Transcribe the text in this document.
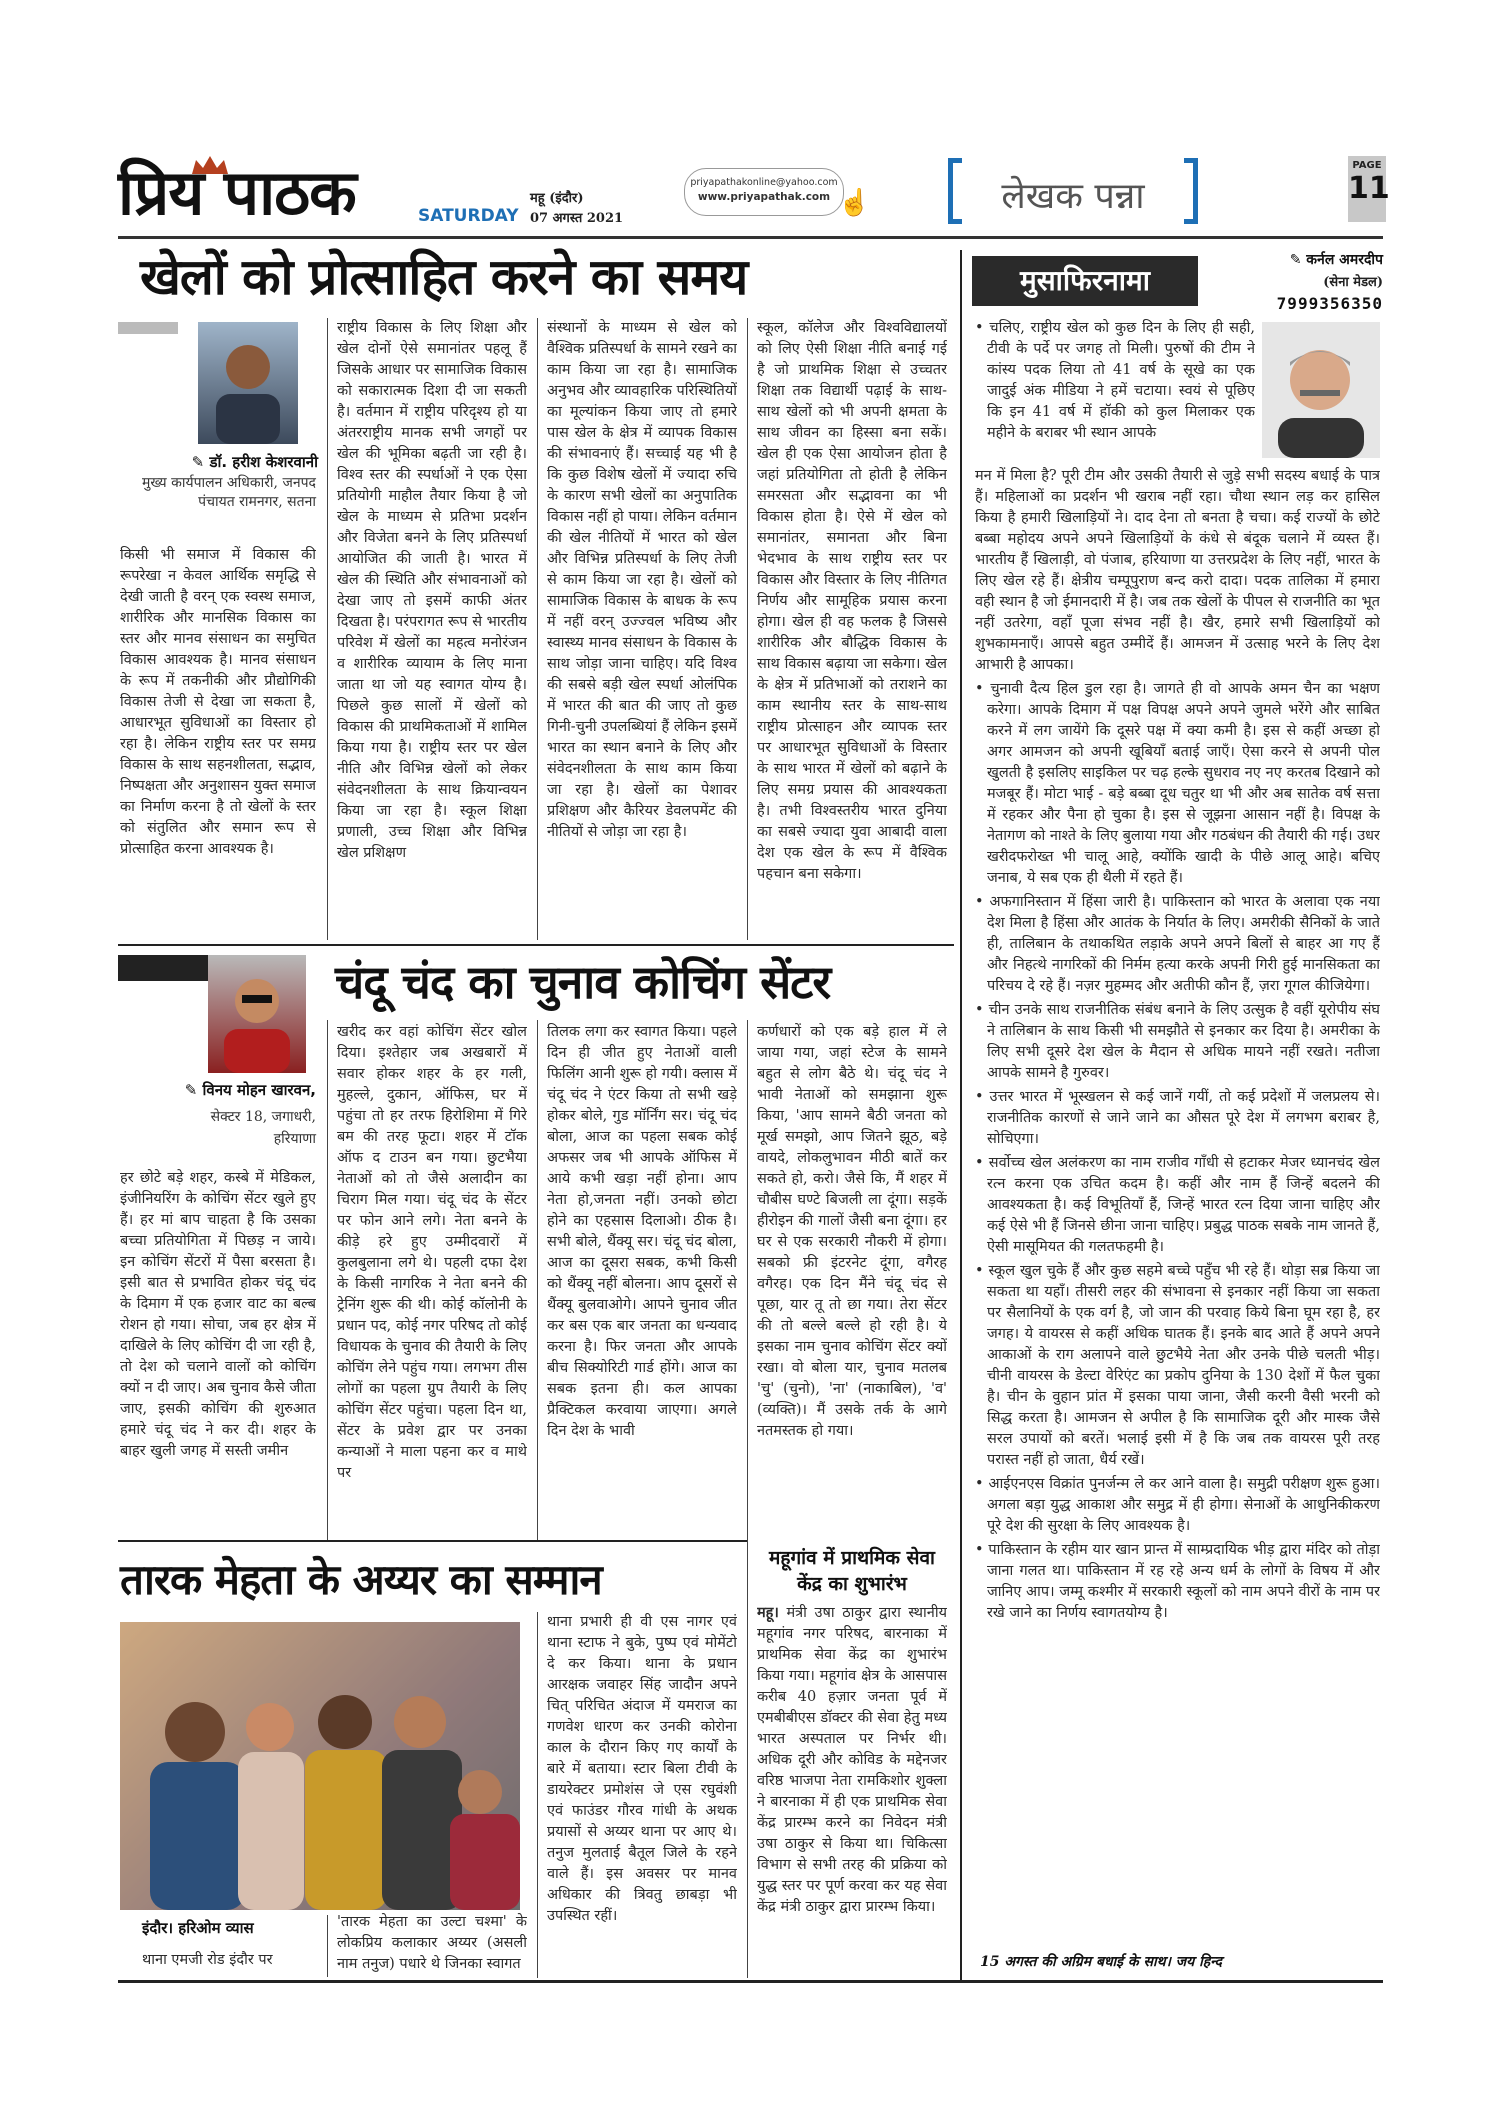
प्रिय पाठक	SATURDAY
महू (इंदौर)
07 अगस्त 2021
priyapathakonline@yahoo.com
www.priyapathak.com ☝	लेखक पन्ना
PAGE
11
खेलों को प्रोत्साहित करने का समय
✎ डॉ. हरीश केशरवानी
मुख्य कार्यपालन अधिकारी, जनपद पंचायत रामनगर, सतना

किसी भी समाज में विकास की रूपरेखा न केवल आर्थिक समृद्धि से देखी जाती है वरन् एक स्वस्थ समाज, शारीरिक और मानसिक विकास का स्तर और मानव संसाधन का समुचित विकास आवश्यक है। मानव संसाधन के रूप में तकनीकी और प्रौद्योगिकी विकास तेजी से देखा जा सकता है, आधारभूत सुविधाओं का विस्तार हो रहा है। लेकिन राष्ट्रीय स्तर पर समग्र विकास के साथ सहनशीलता, सद्भाव, निष्पक्षता और अनुशासन युक्त समाज का निर्माण करना है तो खेलों के स्तर को संतुलित और समान रूप से प्रोत्साहित करना आवश्यक है।

राष्ट्रीय विकास के लिए शिक्षा और खेल दोनों ऐसे समानांतर पहलू हैं जिसके आधार पर सामाजिक विकास को सकारात्मक दिशा दी जा सकती है। वर्तमान में राष्ट्रीय परिदृश्य हो या अंतरराष्ट्रीय मानक सभी जगहों पर खेल की भूमिका बढ़ती जा रही है। विश्व स्तर की स्पर्धाओं ने एक ऐसा प्रतियोगी माहौल तैयार किया है जो खेल के माध्यम से प्रतिभा प्रदर्शन और विजेता बनने के लिए प्रतिस्पर्धा आयोजित की जाती है। भारत में खेल की स्थिति और संभावनाओं को देखा जाए तो इसमें काफी अंतर दिखता है। परंपरागत रूप से भारतीय परिवेश में खेलों का महत्व मनोरंजन व शारीरिक व्यायाम के लिए माना जाता था जो यह स्वागत योग्य है। पिछले कुछ सालों में खेलों को विकास की प्राथमिकताओं में शामिल किया गया है। राष्ट्रीय स्तर पर खेल नीति और विभिन्न खेलों को लेकर संवेदनशीलता के साथ क्रियान्वयन किया जा रहा है। स्कूल शिक्षा प्रणाली, उच्च शिक्षा और विभिन्न खेल प्रशिक्षण

संस्थानों के माध्यम से खेल को वैश्विक प्रतिस्पर्धा के सामने रखने का काम किया जा रहा है। सामाजिक अनुभव और व्यावहारिक परिस्थितियों का मूल्यांकन किया जाए तो हमारे पास खेल के क्षेत्र में व्यापक विकास की संभावनाएं हैं। सच्चाई यह भी है कि कुछ विशेष खेलों में ज्यादा रुचि के कारण सभी खेलों का अनुपातिक विकास नहीं हो पाया। लेकिन वर्तमान की खेल नीतियों में भारत को खेल और विभिन्न प्रतिस्पर्धा के लिए तेजी से काम किया जा रहा है। खेलों को सामाजिक विकास के बाधक के रूप में नहीं वरन् उज्ज्वल भविष्य और स्वास्थ्य मानव संसाधन के विकास के साथ जोड़ा जाना चाहिए। यदि विश्व की सबसे बड़ी खेल स्पर्धा ओलंपिक में भारत की बात की जाए तो कुछ गिनी-चुनी उपलब्धियां हैं लेकिन इसमें भारत का स्थान बनाने के लिए और संवेदनशीलता के साथ काम किया जा रहा है। खेलों का पेशावर प्रशिक्षण और कैरियर डेवलपमेंट की नीतियों से जोड़ा जा रहा है।

स्कूल, कॉलेज और विश्वविद्यालयों को लिए ऐसी शिक्षा नीति बनाई गई है जो प्राथमिक शिक्षा से उच्चतर शिक्षा तक विद्यार्थी पढ़ाई के साथ-साथ खेलों को भी अपनी क्षमता के साथ जीवन का हिस्सा बना सकें। खेल ही एक ऐसा आयोजन होता है जहां प्रतियोगिता तो होती है लेकिन समरसता और सद्भावना का भी विकास होता है। ऐसे में खेल को समानांतर, समानता और बिना भेदभाव के साथ राष्ट्रीय स्तर पर विकास और विस्तार के लिए नीतिगत निर्णय और सामूहिक प्रयास करना होगा। खेल ही वह फलक है जिससे शारीरिक और बौद्धिक विकास के साथ विकास बढ़ाया जा सकेगा। खेल के क्षेत्र में प्रतिभाओं को तराशने का काम स्थानीय स्तर के साथ-साथ राष्ट्रीय प्रोत्साहन और व्यापक स्तर पर आधारभूत सुविधाओं के विस्तार के साथ भारत में खेलों को बढ़ाने के लिए समग्र प्रयास की आवश्यकता है। तभी विश्वस्तरीय भारत दुनिया का सबसे ज्यादा युवा आबादी वाला देश एक खेल के रूप में वैश्विक पहचान बना सकेगा।

✎ विनय मोहन खारवन,
सेक्टर 18, जगाधरी, हरियाणा
चंदू चंद का चुनाव कोचिंग सेंटर

हर छोटे बड़े शहर, कस्बे में मेडिकल, इंजीनियरिंग के कोचिंग सेंटर खुले हुए हैं। हर मां बाप चाहता है कि उसका बच्चा प्रतियोगिता में पिछड़ न जाये। इन कोचिंग सेंटरों में पैसा बरसता है। इसी बात से प्रभावित होकर चंदू चंद के दिमाग में एक हजार वाट का बल्ब रोशन हो गया। सोचा, जब हर क्षेत्र में दाखिले के लिए कोचिंग दी जा रही है, तो देश को चलाने वालों को कोचिंग क्यों न दी जाए। अब चुनाव कैसे जीता जाए, इसकी कोचिंग की शुरुआत हमारे चंदू चंद ने कर दी। शहर के बाहर खुली जगह में सस्ती जमीन

खरीद कर वहां कोचिंग सेंटर खोल दिया। इश्तेहार जब अखबारों में सवार होकर शहर के हर गली, मुहल्ले, दुकान, ऑफिस, घर में पहुंचा तो हर तरफ हिरोशिमा में गिरे बम की तरह फूटा। शहर में टॉक ऑफ द टाउन बन गया। छुटभैया नेताओं को तो जैसे अलादीन का चिराग मिल गया। चंदू चंद के सेंटर पर फोन आने लगे। नेता बनने के कीड़े हरे हुए उम्मीदवारों में कुलबुलाना लगे थे। पहली दफा देश के किसी नागरिक ने नेता बनने की ट्रेनिंग शुरू की थी। कोई कॉलोनी के प्रधान पद, कोई नगर परिषद तो कोई विधायक के चुनाव की तैयारी के लिए कोचिंग लेने पहुंच गया। लगभग तीस लोगों का पहला ग्रुप तैयारी के लिए कोचिंग सेंटर पहुंचा। पहला दिन था, सेंटर के प्रवेश द्वार पर उनका कन्याओं ने माला पहना कर व माथे पर

तिलक लगा कर स्वागत किया। पहले दिन ही जीत हुए नेताओं वाली फिलिंग आनी शुरू हो गयी। क्लास में चंदू चंद ने एंटर किया तो सभी खड़े होकर बोले, गुड मॉर्निंग सर। चंदू चंद बोला, आज का पहला सबक कोई अफसर जब भी आपके ऑफिस में आये कभी खड़ा नहीं होना। आप नेता हो,जनता नहीं। उनको छोटा होने का एहसास दिलाओ। ठीक है। सभी बोले, थैंक्यू सर। चंदू चंद बोला, आज का दूसरा सबक, कभी किसी को थैंक्यू नहीं बोलना। आप दूसरों से थैंक्यू बुलवाओगे। आपने चुनाव जीत कर बस एक बार जनता का धन्यवाद करना है। फिर जनता और आपके बीच सिक्योरिटी गार्ड होंगे। आज का सबक इतना ही। कल आपका प्रैक्टिकल करवाया जाएगा। अगले दिन देश के भावी

कर्णधारों को एक बड़े हाल में ले जाया गया, जहां स्टेज के सामने बहुत से लोग बैठे थे। चंदू चंद ने भावी नेताओं को समझाना शुरू किया, 'आप सामने बैठी जनता को मूर्ख समझो, आप जितने झूठ, बड़े वायदे, लोकलुभावन मीठी बातें कर सकते हो, करो। जैसे कि, मैं शहर में चौबीस घण्टे बिजली ला दूंगा। सड़कें हीरोइन की गालों जैसी बना दूंगा। हर घर से एक सरकारी नौकरी में होगा। सबको फ्री इंटरनेट दूंगा, वगैरह वगैरह। एक दिन मैंने चंदू चंद से पूछा, यार तू तो छा गया। तेरा सेंटर की तो बल्ले बल्ले हो रही है। ये इसका नाम चुनाव कोचिंग सेंटर क्यों रखा। वो बोला यार, चुनाव मतलब 'चु' (चुनो), 'ना' (नाकाबिल), 'व' (व्यक्ति)। मैं उसके तर्क के आगे नतमस्तक हो गया।

तारक मेहता के अय्यर का सम्मान
इंदौर। हरिओम व्यास

थाना एमजी रोड इंदौर पर

'तारक मेहता का उल्टा चश्मा' के लोकप्रिय कलाकार अय्यर (असली नाम तनुज) पधारे थे जिनका स्वागत

थाना प्रभारी ही वी एस नागर एवं थाना स्टाफ ने बुके, पुष्प एवं मोमेंटो दे कर किया। थाना के प्रधान आरक्षक जवाहर सिंह जादौन अपने चित् परिचित अंदाज में यमराज का गणवेश धारण कर उनकी कोरोना काल के दौरान किए गए कार्यों के बारे में बताया। स्टार बिला टीवी के डायरेक्टर प्रमोशंस जे एस रघुवंशी एवं फाउंडर गौरव गांधी के अथक प्रयासों से अय्यर थाना पर आए थे। तनुज मुलताई बैतूल जिले के रहने वाले हैं। इस अवसर पर मानव अधिकार की त्रिवतु छाबड़ा भी उपस्थित रहीं।

महूगांव में प्राथमिक सेवा
केंद्र का शुभारंभ

महू। मंत्री उषा ठाकुर द्वारा स्थानीय महूगांव नगर परिषद, बारनाका में प्राथमिक सेवा केंद्र का शुभारंभ किया गया। महूगांव क्षेत्र के आसपास करीब 40 हज़ार जनता पूर्व में एमबीबीएस डॉक्टर की सेवा हेतु मध्य भारत अस्पताल पर निर्भर थी। अधिक दूरी और कोविड के मद्देनजर वरिष्ठ भाजपा नेता रामकिशोर शुक्ला ने बारनाका में ही एक प्राथमिक सेवा केंद्र प्रारम्भ करने का निवेदन मंत्री उषा ठाकुर से किया था। चिकित्सा विभाग से सभी तरह की प्रक्रिया को युद्ध स्तर पर पूर्ण करवा कर यह सेवा केंद्र मंत्री ठाकुर द्वारा प्रारम्भ किया।

मुसाफिरनामा
✎ कर्नल अमरदीप
(सेना मेडल)
7999356350

• चलिए, राष्ट्रीय खेल को कुछ दिन के लिए ही सही, टीवी के पर्दे पर जगह तो मिली। पुरुषों की टीम ने कांस्य पदक लिया तो 41 वर्ष के सूखे का एक जादुई अंक मीडिया ने हमें चटाया। स्वयं से पूछिए कि इन 41 वर्ष में हॉकी को कुल मिलाकर एक महीने के बराबर भी स्थान आपके

मन में मिला है? पूरी टीम और उसकी तैयारी से जुड़े सभी सदस्य बधाई के पात्र हैं। महिलाओं का प्रदर्शन भी खराब नहीं रहा। चौथा स्थान लड़ कर हासिल किया है हमारी खिलाड़ियों ने। दाद देना तो बनता है चचा। कई राज्यों के छोटे बब्बा महोदय अपने अपने खिलाड़ियों के कंधे से बंदूक चलाने में व्यस्त हैं। भारतीय हैं खिलाड़ी, वो पंजाब, हरियाणा या उत्तरप्रदेश के लिए नहीं, भारत के लिए खेल रहे हैं। क्षेत्रीय चम्पूपुराण बन्द करो दादा। पदक तालिका में हमारा वही स्थान है जो ईमानदारी में है। जब तक खेलों के पीपल से राजनीति का भूत नहीं उतरेगा, वहाँ पूजा संभव नहीं है। खैर, हमारे सभी खिलाड़ियों को शुभकामनाएँ। आपसे बहुत उम्मीदें हैं। आमजन में उत्साह भरने के लिए देश आभारी है आपका।

• चुनावी दैत्य हिल डुल रहा है। जागते ही वो आपके अमन चैन का भक्षण करेगा। आपके दिमाग में पक्ष विपक्ष अपने अपने जुमले भरेंगे और साबित करने में लग जायेंगे कि दूसरे पक्ष में क्या कमी है। इस से कहीं अच्छा हो अगर आमजन को अपनी खूबियाँ बताई जाएँ। ऐसा करने से अपनी पोल खुलती है इसलिए साइकिल पर चढ़ हल्के सुधराव नए नए करतब दिखाने को मजबूर हैं। मोटा भाई - बड़े बब्बा दूध चतुर था भी और अब सातेक वर्ष सत्ता में रहकर और पैना हो चुका है। इस से जूझना आसान नहीं है। विपक्ष के नेतागण को नाश्ते के लिए बुलाया गया और गठबंधन की तैयारी की गई। उधर खरीदफरोख्त भी चालू आहे, क्योंकि खादी के पीछे आलू आहे। बचिए जनाब, ये सब एक ही थैली में रहते हैं।

• अफगानिस्तान में हिंसा जारी है। पाकिस्तान को भारत के अलावा एक नया देश मिला है हिंसा और आतंक के निर्यात के लिए। अमरीकी सैनिकों के जाते ही, तालिबान के तथाकथित लड़ाके अपने अपने बिलों से बाहर आ गए हैं और निहत्थे नागरिकों की निर्मम हत्या करके अपनी गिरी हुई मानसिकता का परिचय दे रहे हैं। नज़र मुहम्मद और अतीफी कौन हैं, ज़रा गूगल कीजियेगा।

• चीन उनके साथ राजनीतिक संबंध बनाने के लिए उत्सुक है वहीं यूरोपीय संघ ने तालिबान के साथ किसी भी समझौते से इनकार कर दिया है। अमरीका के लिए सभी दूसरे देश खेल के मैदान से अधिक मायने नहीं रखते। नतीजा आपके सामने है गुरुवर।

• उत्तर भारत में भूस्खलन से कई जानें गयीं, तो कई प्रदेशों में जलप्रलय से। राजनीतिक कारणों से जाने जाने का औसत पूरे देश में लगभग बराबर है, सोचिएगा।

• सर्वोच्च खेल अलंकरण का नाम राजीव गाँधी से हटाकर मेजर ध्यानचंद खेल रत्न करना एक उचित कदम है। कहीं और नाम हैं जिन्हें बदलने की आवश्यकता है। कई विभूतियाँ हैं, जिन्हें भारत रत्न दिया जाना चाहिए और कई ऐसे भी हैं जिनसे छीना जाना चाहिए। प्रबुद्ध पाठक सबके नाम जानते हैं, ऐसी मासूमियत की गलतफहमी है।

• स्कूल खुल चुके हैं और कुछ सहमे बच्चे पहुँच भी रहे हैं। थोड़ा सब्र किया जा सकता था यहाँ। तीसरी लहर की संभावना से इनकार नहीं किया जा सकता पर सैलानियों के एक वर्ग है, जो जान की परवाह किये बिना घूम रहा है, हर जगह। ये वायरस से कहीं अधिक घातक हैं। इनके बाद आते हैं अपने अपने आकाओं के राग अलापने वाले छुटभैये नेता और उनके पीछे चलती भीड़। चीनी वायरस के डेल्टा वेरिएंट का प्रकोप दुनिया के 130 देशों में फैल चुका है। चीन के वुहान प्रांत में इसका पाया जाना, जैसी करनी वैसी भरनी को सिद्ध करता है। आमजन से अपील है कि सामाजिक दूरी और मास्क जैसे सरल उपायों को बरतें। भलाई इसी में है कि जब तक वायरस पूरी तरह परास्त नहीं हो जाता, धैर्य रखें।

• आईएनएस विक्रांत पुनर्जन्म ले कर आने वाला है। समुद्री परीक्षण शुरू हुआ। अगला बड़ा युद्ध आकाश और समुद्र में ही होगा। सेनाओं के आधुनिकीकरण पूरे देश की सुरक्षा के लिए आवश्यक है।

• पाकिस्तान के रहीम यार खान प्रान्त में साम्प्रदायिक भीड़ द्वारा मंदिर को तोड़ा जाना गलत था। पाकिस्तान में रह रहे अन्य धर्म के लोगों के विषय में और जानिए आप। जम्मू कश्मीर में सरकारी स्कूलों को नाम अपने वीरों के नाम पर रखे जाने का निर्णय स्वागतयोग्य है।

15 अगस्त की अग्रिम बधाई के साथ। जय हिन्द
